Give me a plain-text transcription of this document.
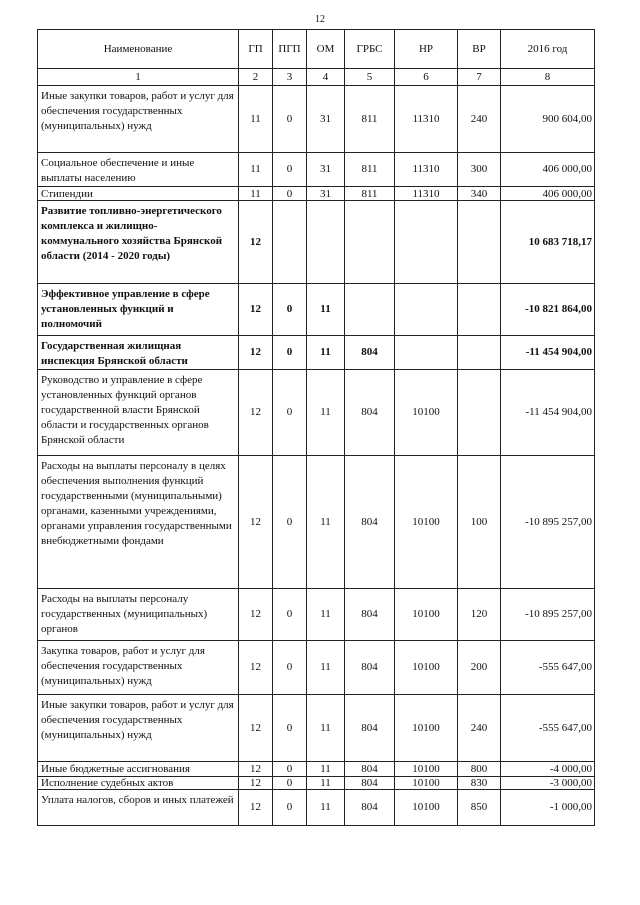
12
Наименование	ГП	ПГП	ОМ	ГРБС	НР	ВР	2016 год
1	2	3	4	5	6	7	8
Иные закупки товаров, работ и услуг для обеспечения государственных (муниципальных) нужд	11	0	31	811	11310	240	900 604,00
Социальное обеспечение и иные выплаты населению	11	0	31	811	11310	300	406 000,00
Стипендии	11	0	31	811	11310	340	406 000,00
Развитие топливно-энергетического комплекса и жилищно-коммунального хозяйства Брянской области (2014 - 2020 годы)	12						10 683 718,17
Эффективное управление в сфере установленных функций и полномочий	12	0	11				-10 821 864,00
Государственная жилищная инспекция Брянской области	12	0	11	804			-11 454 904,00
Руководство и управление в сфере установленных функций органов государственной власти Брянской области и государственных органов Брянской области	12	0	11	804	10100		-11 454 904,00
Расходы на выплаты персоналу в целях обеспечения выполнения функций государственными (муниципальными) органами, казенными учреждениями, органами управления государственными внебюджетными фондами	12	0	11	804	10100	100	-10 895 257,00
Расходы на выплаты персоналу государственных (муниципальных) органов	12	0	11	804	10100	120	-10 895 257,00
Закупка товаров, работ и услуг для обеспечения государственных (муниципальных) нужд	12	0	11	804	10100	200	-555 647,00
Иные закупки товаров, работ и услуг для обеспечения государственных (муниципальных) нужд	12	0	11	804	10100	240	-555 647,00
Иные бюджетные ассигнования	12	0	11	804	10100	800	-4 000,00
Исполнение судебных актов	12	0	11	804	10100	830	-3 000,00
Уплата налогов, сборов и иных платежей	12	0	11	804	10100	850	-1 000,00
